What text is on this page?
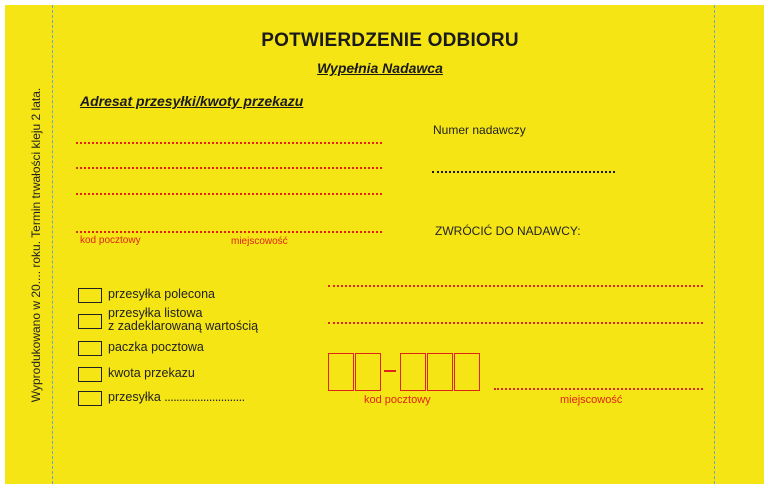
Wyprodukowano w 20.... roku. Termin trwałości kleju 2 lata.
POTWIERDZENIE ODBIORU
Wypełnia Nadawca
Adresat przesyłki/kwoty przekazu
kod pocztowy	miejscowość
Numer nadawczy
ZWRÓCIĆ DO NADAWCY:
przesyłka polecona
przesyłka listowa
z zadeklarowaną wartością
paczka pocztowa
kwota przekazu
przesyłka ...........................	kod pocztowy	miejscowość
